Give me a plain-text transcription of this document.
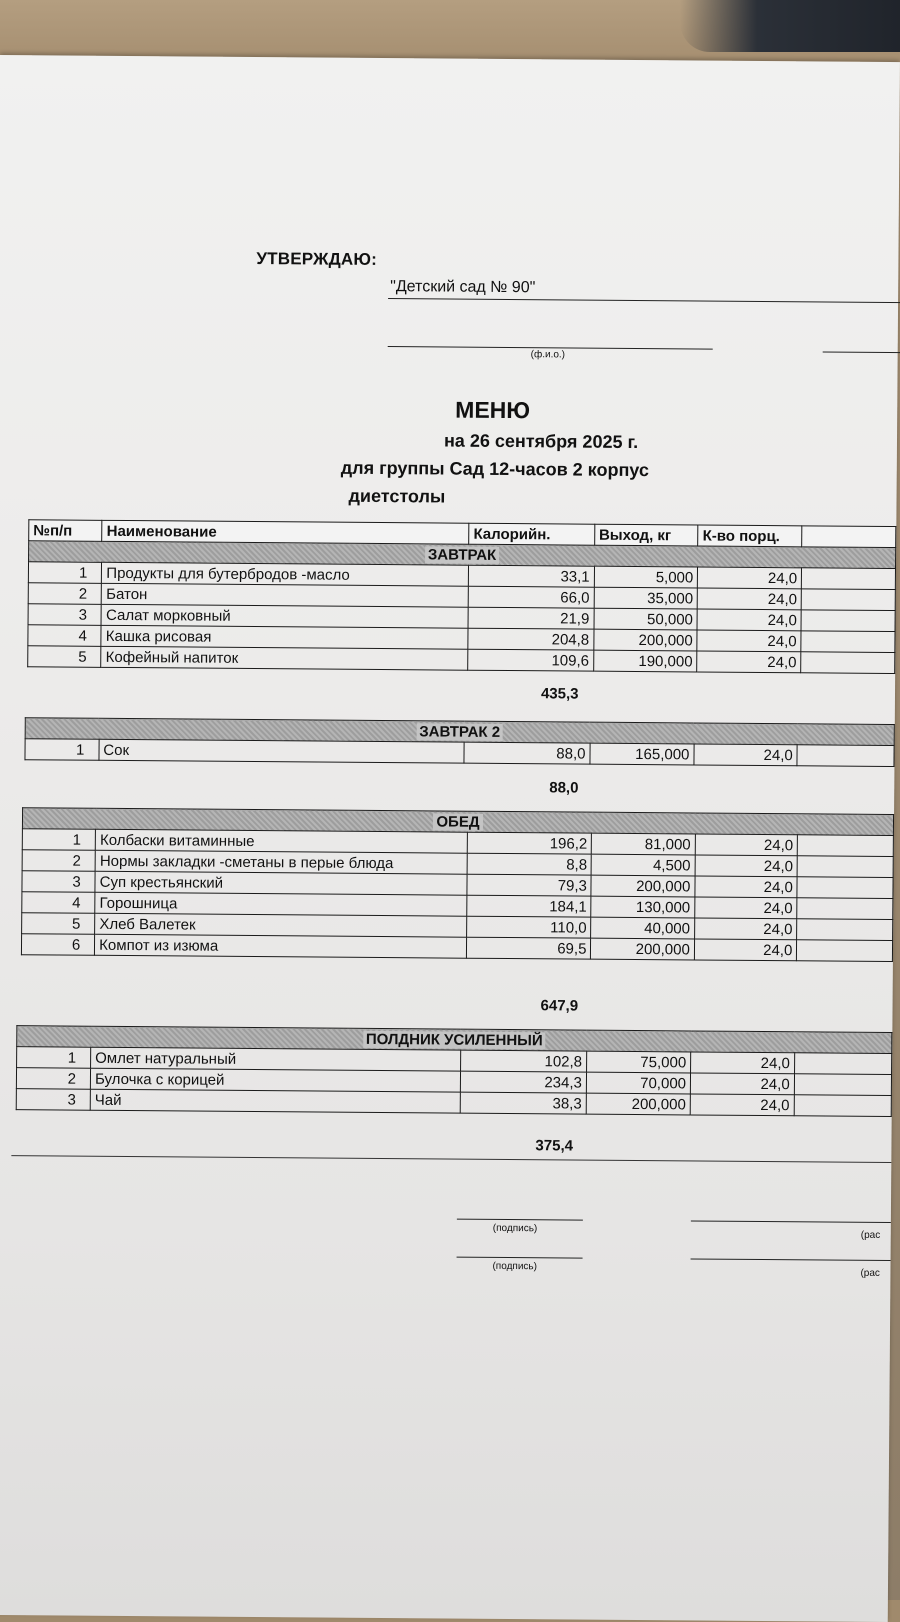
УТВЕРЖДАЮ:
"Детский сад № 90"
(ф.и.о.)
МЕНЮ
на 26 сентября 2025 г.
для группы Сад 12-часов 2 корпус
диетстолы
№п/п	Наименование	Калорийн.	Выход, кг	К-во порц.	
ЗАВТРАК					
1	Продукты для бутербродов -масло	33,1	5,000	24,0	
2	Батон	66,0	35,000	24,0	
3	Салат морковный	21,9	50,000	24,0	
4	Кашка рисовая	204,8	200,000	24,0	
5	Кофейный напиток	109,6	190,000	24,0	
435,3
ЗАВТРАК 2
1	Сок	88,0	165,000	24,0	
88,0
ОБЕД					
1	Колбаски витаминные	196,2	81,000	24,0	
2	Нормы закладки -сметаны в перые блюда	8,8	4,500	24,0	
3	Суп крестьянский	79,3	200,000	24,0	
4	Горошница	184,1	130,000	24,0	
5	Хлеб Валетек	110,0	40,000	24,0	
6	Компот из изюма	69,5	200,000	24,0	
647,9
ПОЛДНИК УСИЛЕННЫЙ					
1	Омлет натуральный	102,8	75,000	24,0	
2	Булочка с корицей	234,3	70,000	24,0	
3	Чай	38,3	200,000	24,0	
375,4
(подпись)
(рас
(подпись)
(рас
